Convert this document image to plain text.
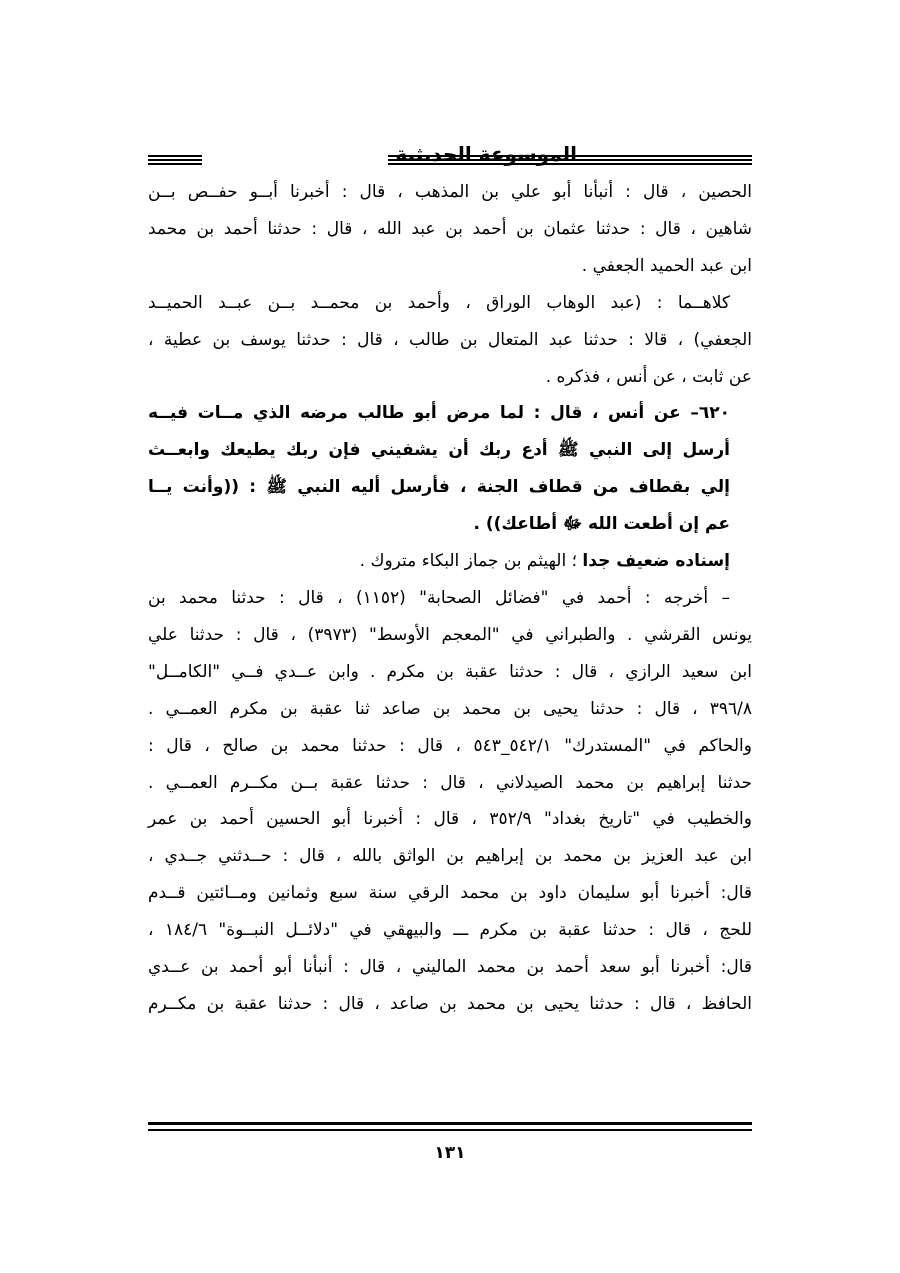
الموسوعة الحديثية

الحصين ، قال : أنبأنا أبو علي بن المذهب ، قال : أخبرنا أبــو حفــص بــن

شاهين ، قال : حدثنا عثمان بن أحمد بن عبد الله ، قال : حدثنا أحمد بن محمد

ابن عبد الحميد الجعفي .

كلاهــما : (عبد الوهاب الوراق ، وأحمد بن محمــد بــن عبــد الحميــد

الجعفي) ، قالا : حدثنا عبد المتعال بن طالب ، قال : حدثنا يوسف بن عطية ،

عن ثابت ، عن أنس ، فذكره .

٦٢٠– عن أنس ، قال : لما مرض أبو طالب مرضه الذي مــات فيــه

أرسل إلى النبي ﷺ أدع ربك أن يشفيني فإن ربك يطيعك وابعــث

إلي بقطاف من قطاف الجنة ، فأرسل أليه النبي ﷺ : ((وأنت يــا

عم إن أطعت الله ﷻ أطاعك)) .

إسناده ضعيف جدا ؛ الهيثم بن جماز البكاء متروك .

– أخرجه : أحمد في "فضائل الصحابة" (١١٥٢) ، قال : حدثنا محمد بن

يونس القرشي . والطبراني في "المعجم الأوسط" (٣٩٧٣) ، قال : حدثنا علي

ابن سعيد الرازي ، قال : حدثنا عقبة بن مكرم . وابن عــدي فــي "الكامــل"

٣٩٦/٨ ، قال : حدثنا يحيى بن محمد بن صاعد ثنا عقبة بن مكرم العمــي .

والحاكم في "المستدرك" ٥٤٢/١_٥٤٣ ، قال : حدثنا محمد بن صالح ، قال :

حدثنا إبراهيم بن محمد الصيدلاني ، قال : حدثنا عقبة بــن مكــرم العمــي .

والخطيب في "تاريخ بغداد" ٣٥٢/٩ ، قال : أخبرنا أبو الحسين أحمد بن عمر

ابن عبد العزيز بن محمد بن إبراهيم بن الواثق بالله ، قال : حــدثني جــدي ،

قال: أخبرنا أبو سليمان داود بن محمد الرقي سنة سبع وثمانين ومــائتين قــدم

للحج ، قال : حدثنا عقبة بن مكرم ـــ والبيهقي في "دلائــل النبــوة" ١٨٤/٦ ،

قال: أخبرنا أبو سعد أحمد بن محمد الماليني ، قال : أنبأنا أبو أحمد بن عــدي

الحافظ ، قال : حدثنا يحيى بن محمد بن صاعد ، قال : حدثنا عقبة بن مكــرم

١٣١
